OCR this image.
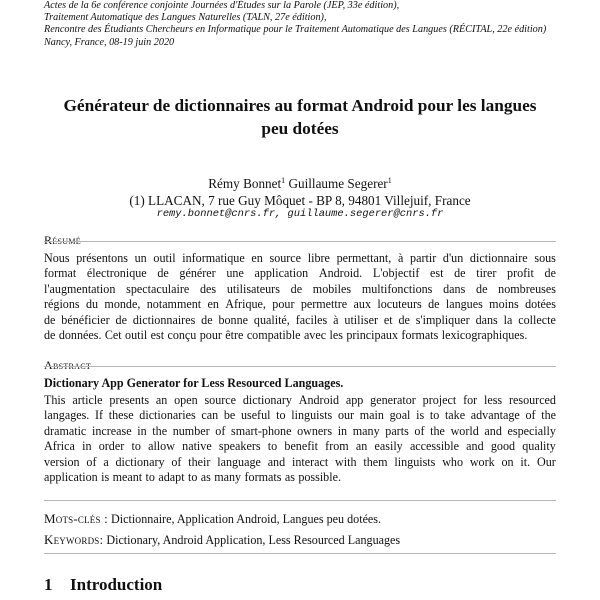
Actes de la 6e conférence conjointe Journées d'Études sur la Parole (JEP, 33e édition),
Traitement Automatique des Langues Naturelles (TALN, 27e édition),
Rencontre des Étudiants Chercheurs en Informatique pour le Traitement Automatique des Langues (RÉCITAL, 22e édition)
Nancy, France, 08-19 juin 2020
Générateur de dictionnaires au format Android pour les langues
peu dotées
Rémy Bonnet$^1$ Guillaume Segerer$^1$
(1) LLACAN, 7 rue Guy Môquet - BP 8, 94801 Villejuif, France
remy.bonnet@cnrs.fr, guillaume.segerer@cnrs.fr
Résumé
Nous présentons un outil informatique en source libre permettant, à partir d'un dictionnaire sous
format électronique de générer une application Android. L'objectif est de tirer profit de
l'augmentation spectaculaire des utilisateurs de mobiles multifonctions dans de nombreuses
régions du monde, notamment en Afrique, pour permettre aux locuteurs de langues moins dotées
de bénéficier de dictionnaires de bonne qualité, faciles à utiliser et de s'impliquer dans la collecte
de données. Cet outil est conçu pour être compatible avec les principaux formats lexicographiques.
Abstract
Dictionary App Generator for Less Resourced Languages.
This article presents an open source dictionary Android app generator project for less resourced
langages. If these dictionaries can be useful to linguists our main goal is to take advantage of the
dramatic increase in the number of smart-phone owners in many parts of the world and especially
Africa in order to allow native speakers to benefit from an easily accessible and good quality
version of a dictionary of their language and interact with them linguists who work on it. Our
application is meant to adapt to as many formats as possible.
Mots-clés : Dictionnaire, Application Android, Langues peu dotées.
Keywords: Dictionary, Android Application, Less Resourced Languages
1 Introduction
